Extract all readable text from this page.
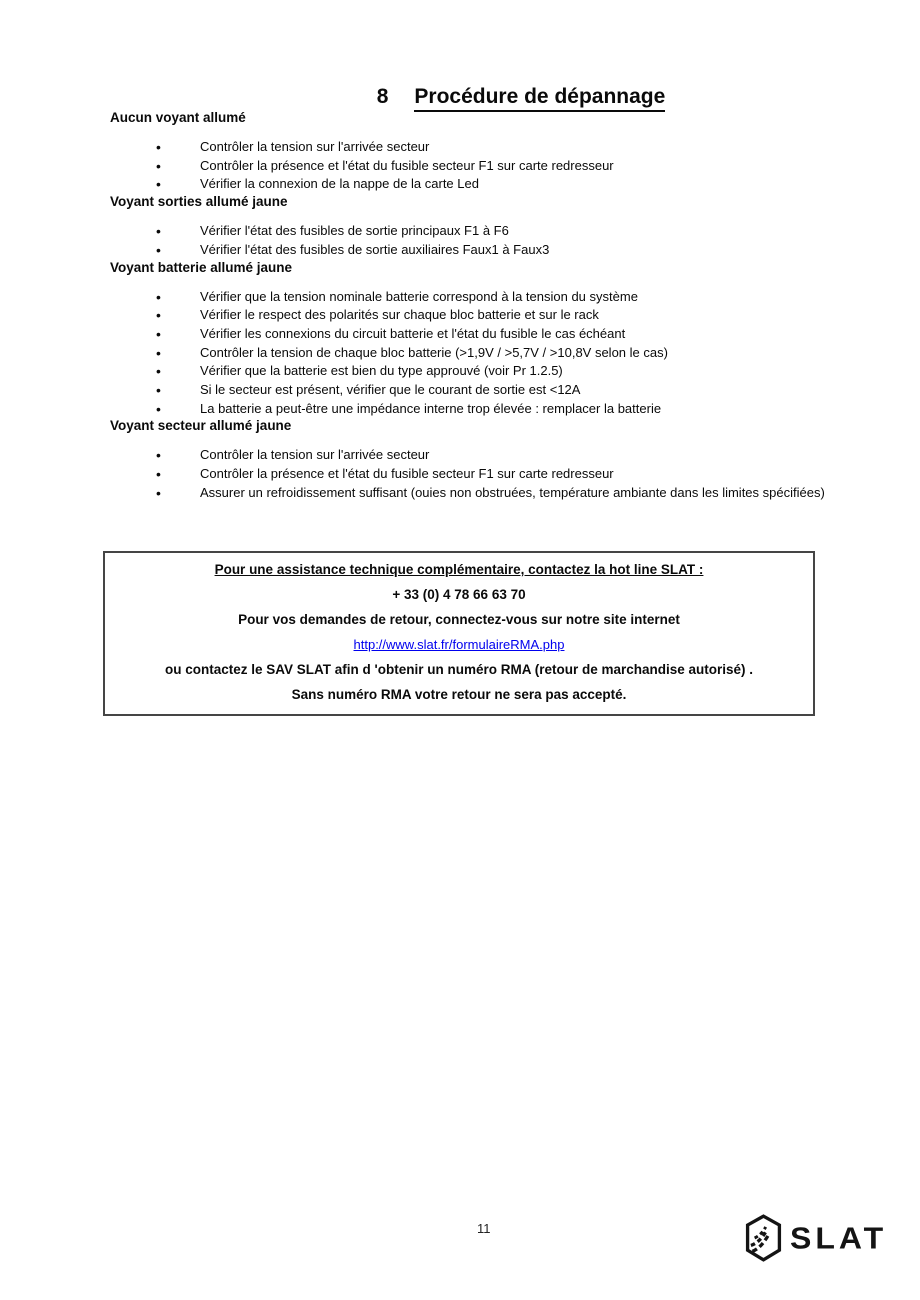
8 Procédure de dépannage
Aucun voyant allumé
• Contrôler la tension sur l'arrivée secteur
• Contrôler la présence et l'état du fusible secteur F1 sur carte redresseur
• Vérifier la connexion de la nappe de la carte Led
Voyant sorties allumé jaune
• Vérifier l'état des fusibles de sortie principaux F1 à F6
• Vérifier l'état des fusibles de sortie auxiliaires Faux1 à Faux3
Voyant batterie allumé jaune
• Vérifier que la tension nominale batterie correspond à la tension du système
• Vérifier le respect des polarités sur chaque bloc batterie et sur le rack
• Vérifier les connexions du circuit batterie et l'état du fusible le cas échéant
• Contrôler la tension de chaque bloc batterie (>1,9V / >5,7V / >10,8V selon le cas)
• Vérifier que la batterie est bien du type approuvé (voir Pr 1.2.5)
• Si le secteur est présent, vérifier que le courant de sortie est <12A
• La batterie a peut-être une impédance interne trop élevée : remplacer la batterie
Voyant secteur allumé jaune
• Contrôler la tension sur l'arrivée secteur
• Contrôler la présence et l'état du fusible secteur F1 sur carte redresseur
• Assurer un refroidissement suffisant (ouies non obstruées, température ambiante dans les limites spécifiées)
Pour une assistance technique complémentaire, contactez la hot line SLAT :
+ 33 (0) 4 78 66 63 70
Pour vos demandes de retour, connectez-vous sur notre site internet
http://www.slat.fr/formulaireRMA.php
ou contactez le SAV SLAT afin d 'obtenir un numéro RMA (retour de marchandise autorisé) .
Sans numéro RMA votre retour ne sera pas accepté.
11	SLAT
